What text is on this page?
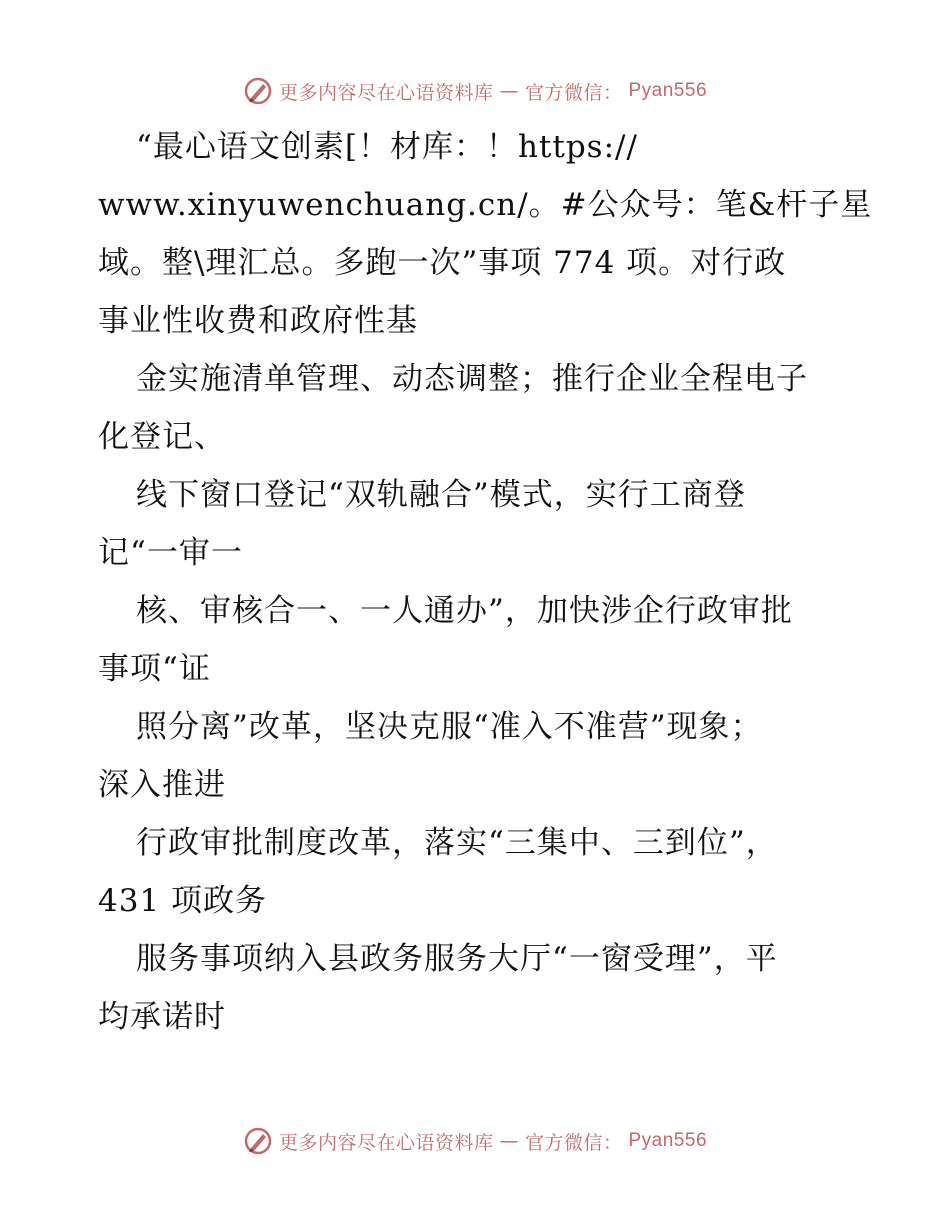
更多内容尽在心语资料库 — 官方微信： Pyan556
“最心语文创素[！材库：！https://
www.xinyuwenchuang.cn/。#公众号：笔&杆子星
域。整\理汇总。多跑一次”事项 774 项。对行政
事业性收费和政府性基
金实施清单管理、动态调整；推行企业全程电子
化登记、
线下窗口登记“双轨融合”模式，实行工商登
记“一审一
核、审核合一、一人通办”，加快涉企行政审批
事项“证
照分离”改革，坚决克服“准入不准营”现象；
深入推进
行政审批制度改革，落实“三集中、三到位”，
431 项政务
服务事项纳入县政务服务大厅“一窗受理”，平
均承诺时
更多内容尽在心语资料库 — 官方微信： Pyan556
